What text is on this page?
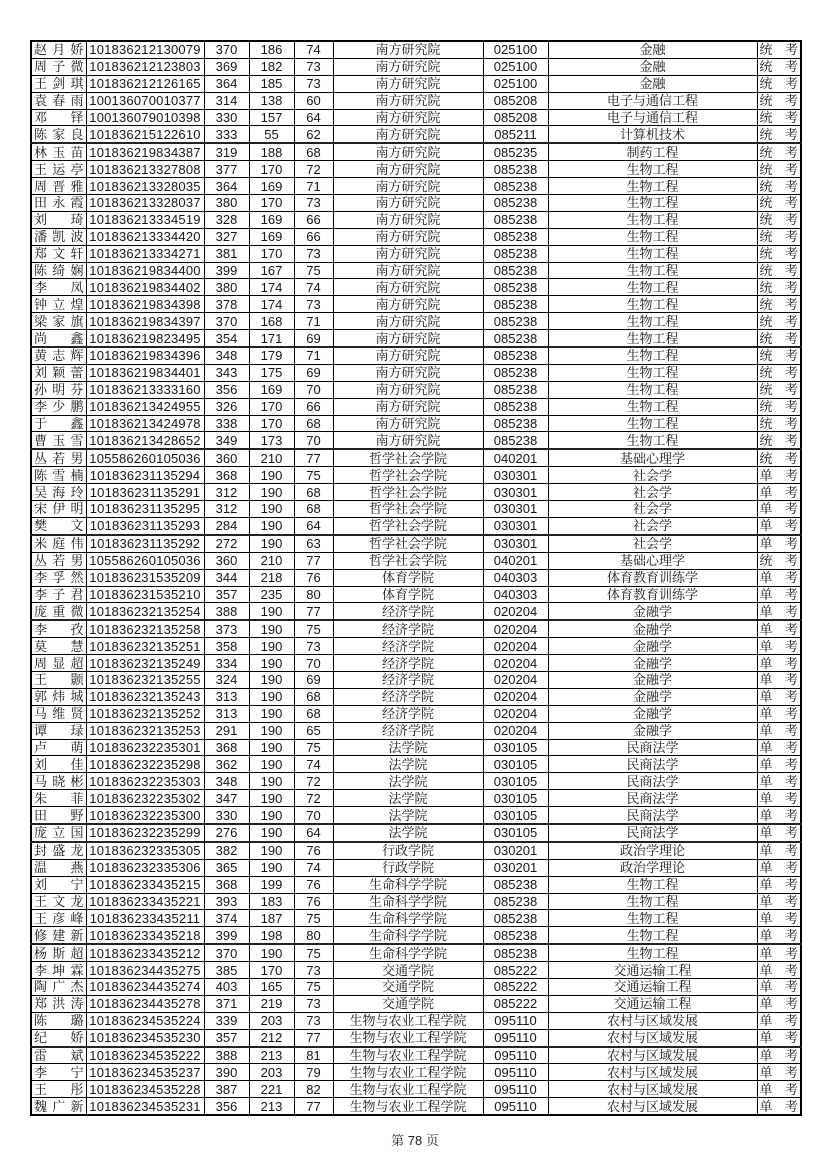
赵月娇	101836212130079	370	186	74	南方研究院	025100	金融	统考
周子微	101836212123803	369	182	73	南方研究院	025100	金融	统考
王剑琪	101836212126165	364	185	73	南方研究院	025100	金融	统考
袁春雨	100136070010377	314	138	60	南方研究院	085208	电子与通信工程	统考
邓铎	100136079010398	330	157	64	南方研究院	085208	电子与通信工程	统考
陈家良	101836215122610	333	55	62	南方研究院	085211	计算机技术	统考
林玉苗	101836219834387	319	188	68	南方研究院	085235	制药工程	统考
王运亭	101836213327808	377	170	72	南方研究院	085238	生物工程	统考
周晋雅	101836213328035	364	169	71	南方研究院	085238	生物工程	统考
田永霞	101836213328037	380	170	73	南方研究院	085238	生物工程	统考
刘琦	101836213334519	328	169	66	南方研究院	085238	生物工程	统考
潘凯波	101836213334420	327	169	66	南方研究院	085238	生物工程	统考
郑文轩	101836213334271	381	170	73	南方研究院	085238	生物工程	统考
陈绮娴	101836219834400	399	167	75	南方研究院	085238	生物工程	统考
李凤	101836219834402	380	174	74	南方研究院	085238	生物工程	统考
钟立煌	101836219834398	378	174	73	南方研究院	085238	生物工程	统考
梁家旗	101836219834397	370	168	71	南方研究院	085238	生物工程	统考
尚鑫	101836219823495	354	171	69	南方研究院	085238	生物工程	统考
黄志辉	101836219834396	348	179	71	南方研究院	085238	生物工程	统考
刘颖蕾	101836219834401	343	175	69	南方研究院	085238	生物工程	统考
孙明芬	101836213333160	356	169	70	南方研究院	085238	生物工程	统考
李少鹏	101836213424955	326	170	66	南方研究院	085238	生物工程	统考
于鑫	101836213424978	338	170	68	南方研究院	085238	生物工程	统考
曹玉雪	101836213428652	349	173	70	南方研究院	085238	生物工程	统考
丛若男	105586260105036	360	210	77	哲学社会学院	040201	基础心理学	统考
陈雪楠	101836231135294	368	190	75	哲学社会学院	030301	社会学	单考
吴海玲	101836231135291	312	190	68	哲学社会学院	030301	社会学	单考
宋伊明	101836231135295	312	190	68	哲学社会学院	030301	社会学	单考
樊文	101836231135293	284	190	64	哲学社会学院	030301	社会学	单考
米庭伟	101836231135292	272	190	63	哲学社会学院	030301	社会学	单考
丛若男	105586260105036	360	210	77	哲学社会学院	040201	基础心理学	统考
李孚然	101836231535209	344	218	76	体育学院	040303	体育教育训练学	单考
李子君	101836231535210	357	235	80	体育学院	040303	体育教育训练学	单考
庞重微	101836232135254	388	190	77	经济学院	020204	金融学	单考
李孜	101836232135258	373	190	75	经济学院	020204	金融学	单考
莫慧	101836232135251	358	190	73	经济学院	020204	金融学	单考
周显超	101836232135249	334	190	70	经济学院	020204	金融学	单考
王颢	101836232135255	324	190	69	经济学院	020204	金融学	单考
郭炜城	101836232135243	313	190	68	经济学院	020204	金融学	单考
马维贤	101836232135252	313	190	68	经济学院	020204	金融学	单考
谭琭	101836232135253	291	190	65	经济学院	020204	金融学	单考
卢萌	101836232235301	368	190	75	法学院	030105	民商法学	单考
刘佳	101836232235298	362	190	74	法学院	030105	民商法学	单考
马晓彬	101836232235303	348	190	72	法学院	030105	民商法学	单考
朱菲	101836232235302	347	190	72	法学院	030105	民商法学	单考
田野	101836232235300	330	190	70	法学院	030105	民商法学	单考
庞立国	101836232235299	276	190	64	法学院	030105	民商法学	单考
封盛龙	101836232335305	382	190	76	行政学院	030201	政治学理论	单考
温燕	101836232335306	365	190	74	行政学院	030201	政治学理论	单考
刘宁	101836233435215	368	199	76	生命科学学院	085238	生物工程	单考
王文龙	101836233435221	393	183	76	生命科学学院	085238	生物工程	单考
王彦峰	101836233435211	374	187	75	生命科学学院	085238	生物工程	单考
修建新	101836233435218	399	198	80	生命科学学院	085238	生物工程	单考
杨斯超	101836233435212	370	190	75	生命科学学院	085238	生物工程	单考
李坤霖	101836234435275	385	170	73	交通学院	085222	交通运输工程	单考
陶广杰	101836234435274	403	165	75	交通学院	085222	交通运输工程	单考
郑洪涛	101836234435278	371	219	73	交通学院	085222	交通运输工程	单考
陈璐	101836234535224	339	203	73	生物与农业工程学院	095110	农村与区域发展	单考
纪娇	101836234535230	357	212	77	生物与农业工程学院	095110	农村与区域发展	单考
雷斌	101836234535222	388	213	81	生物与农业工程学院	095110	农村与区域发展	单考
李宁	101836234535237	390	203	79	生物与农业工程学院	095110	农村与区域发展	单考
王彤	101836234535228	387	221	82	生物与农业工程学院	095110	农村与区域发展	单考
魏广新	101836234535231	356	213	77	生物与农业工程学院	095110	农村与区域发展	单考
第 78 页
